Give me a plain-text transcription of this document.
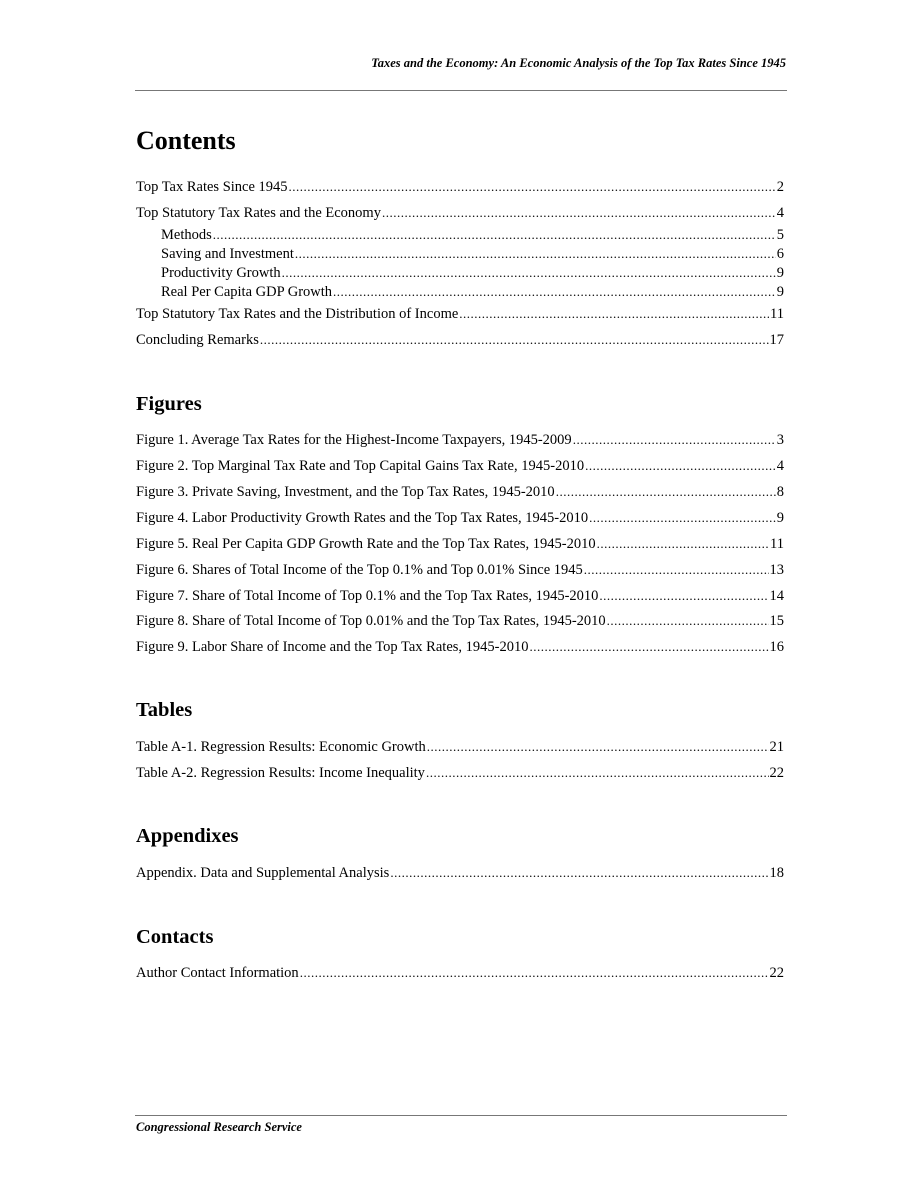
Taxes and the Economy: An Economic Analysis of the Top Tax Rates Since 1945
Contents
Top Tax Rates Since 1945 .....	2
Top Statutory Tax Rates and the Economy .....	4
Methods .....	5
Saving and Investment .....	6
Productivity Growth .....	9
Real Per Capita GDP Growth .....	9
Top Statutory Tax Rates and the Distribution of Income .....	11
Concluding Remarks .....	17
Figures
Figure 1. Average Tax Rates for the Highest-Income Taxpayers, 1945-2009 .....	3
Figure 2. Top Marginal Tax Rate and Top Capital Gains Tax Rate, 1945-2010 .....	4
Figure 3. Private Saving, Investment, and the Top Tax Rates, 1945-2010 .....	8
Figure 4. Labor Productivity Growth Rates and the Top Tax Rates, 1945-2010 .....	9
Figure 5. Real Per Capita GDP Growth Rate and the Top Tax Rates, 1945-2010 .....	11
Figure 6. Shares of Total Income of the Top 0.1% and Top 0.01% Since 1945 .....	13
Figure 7. Share of Total Income of Top 0.1% and the Top Tax Rates, 1945-2010 .....	14
Figure 8. Share of Total Income of Top 0.01% and the Top Tax Rates, 1945-2010 .....	15
Figure 9. Labor Share of Income and the Top Tax Rates, 1945-2010 .....	16
Tables
Table A-1. Regression Results: Economic Growth .....	21
Table A-2. Regression Results: Income Inequality .....	22
Appendixes
Appendix. Data and Supplemental Analysis .....	18
Contacts
Author Contact Information .....	22
Congressional Research Service
